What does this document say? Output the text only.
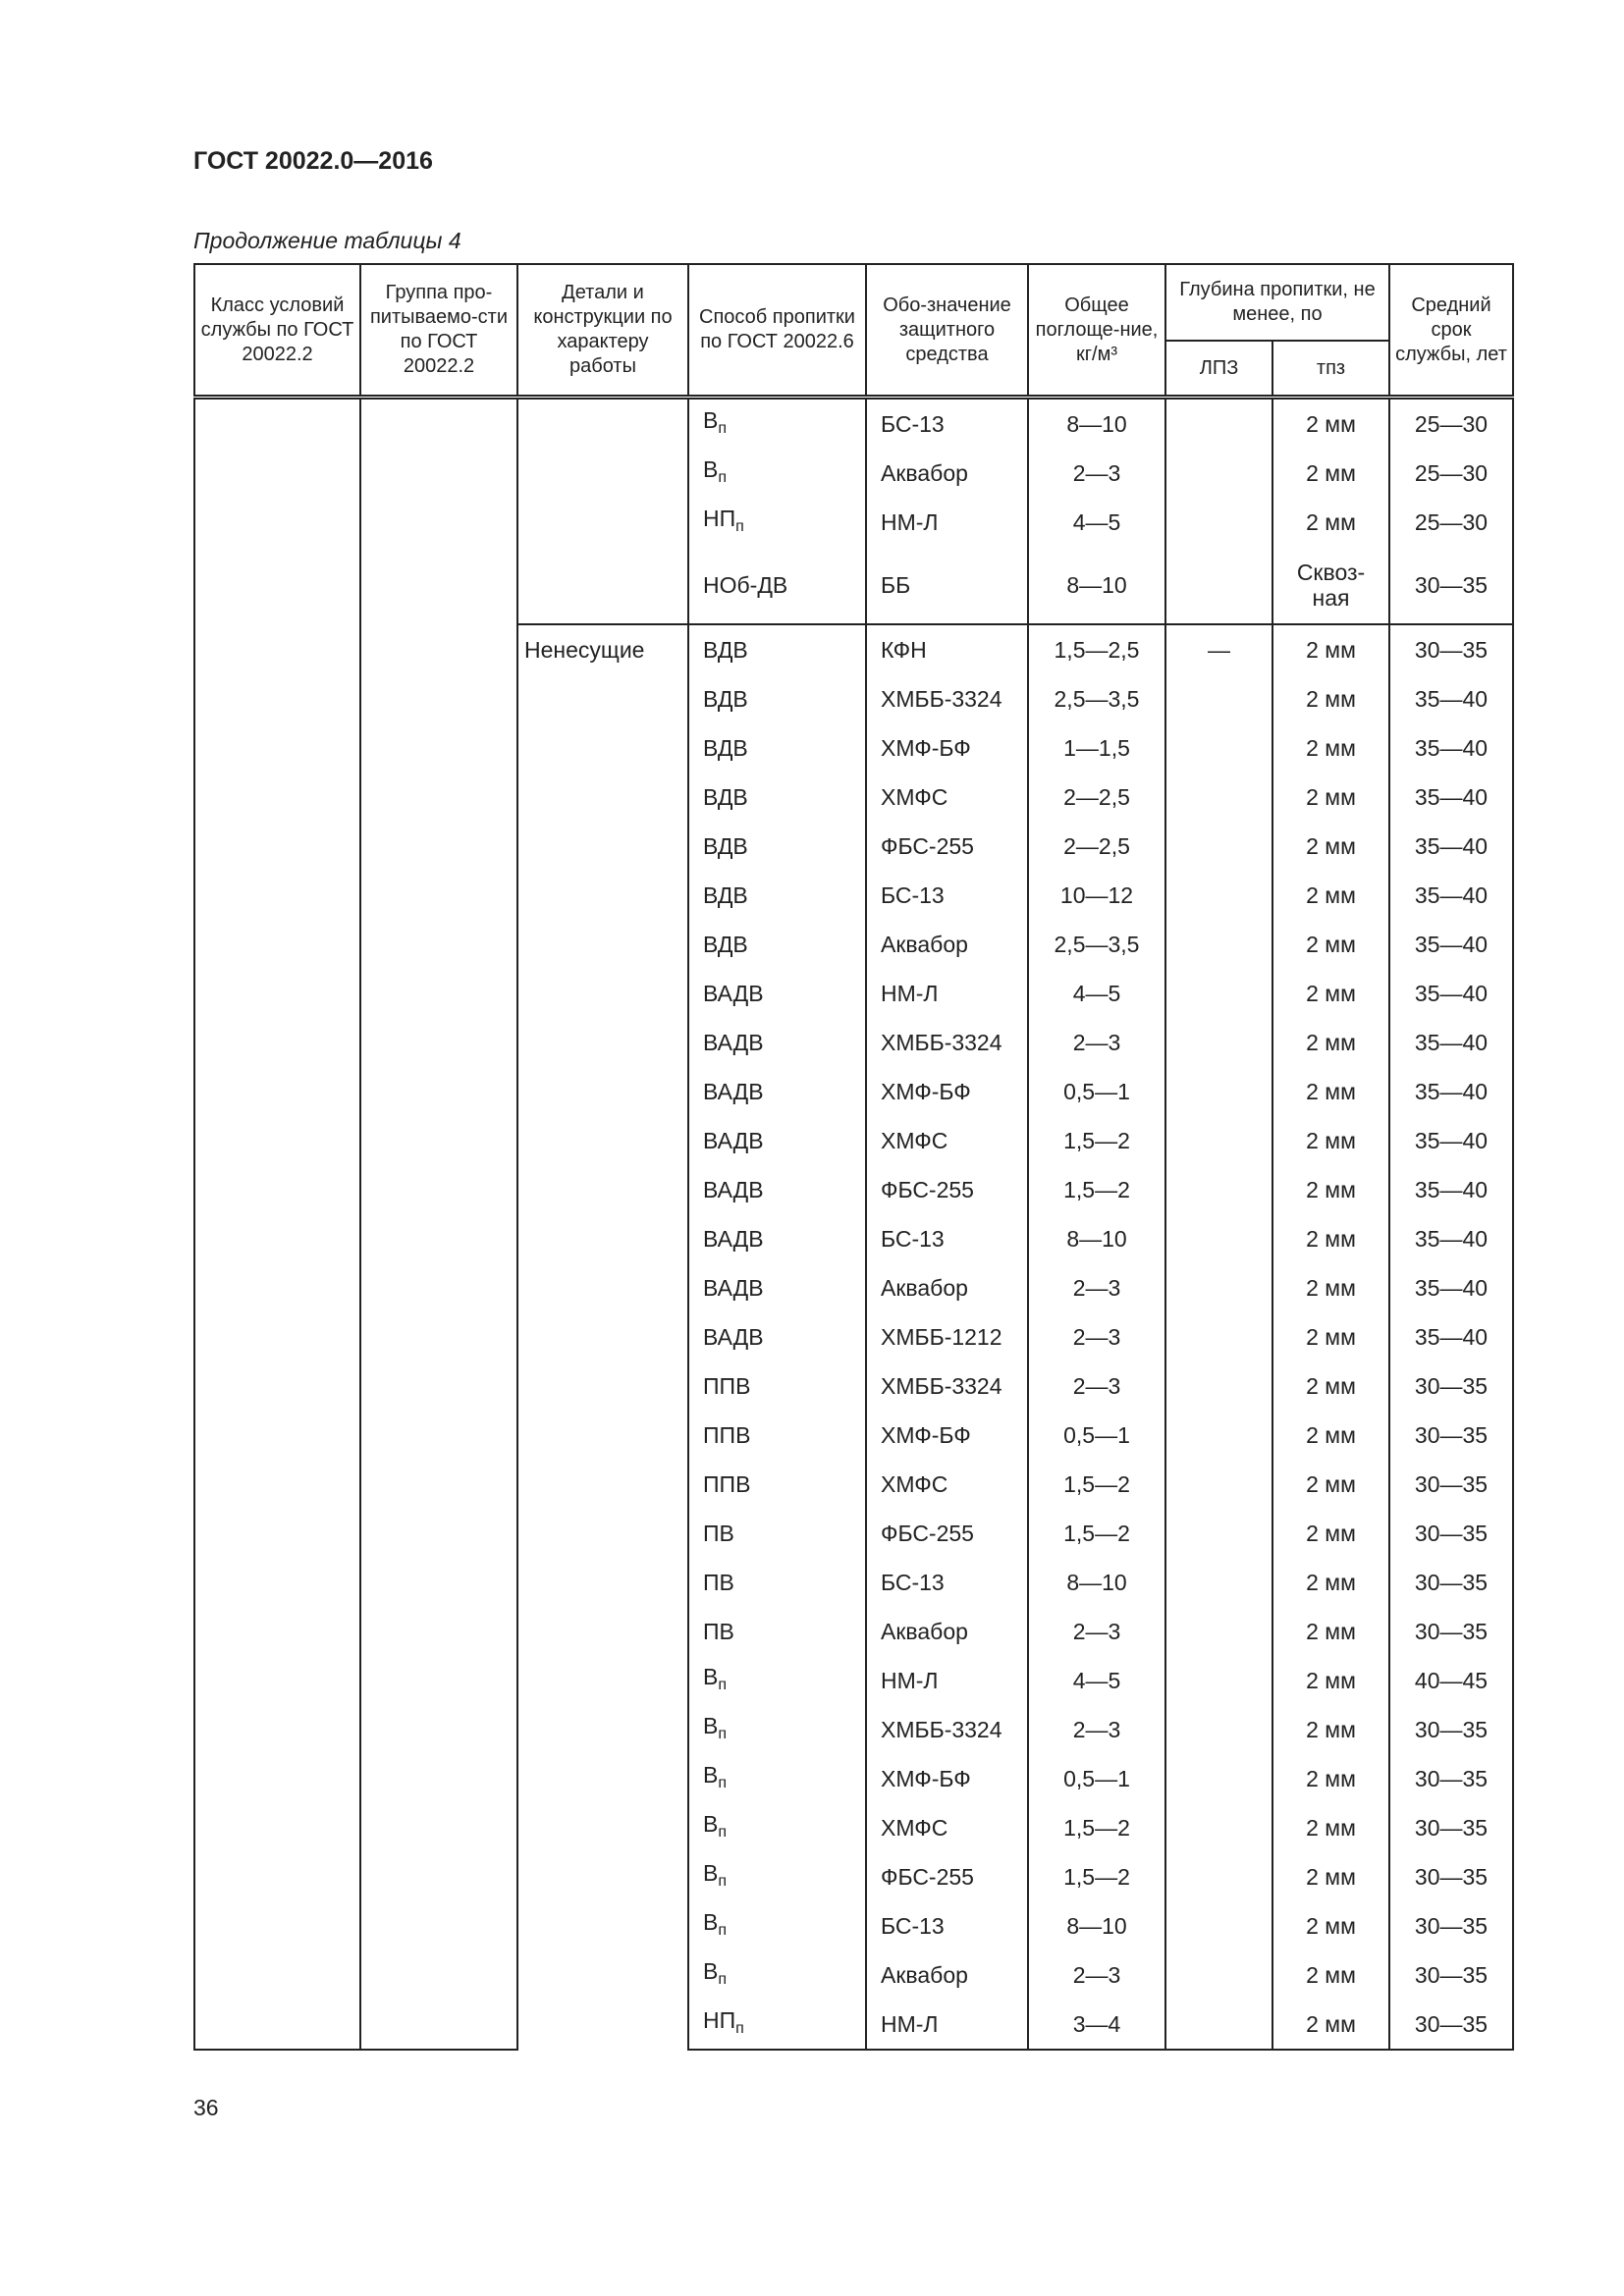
ГОСТ 20022.0—2016
Продолжение таблицы 4
Класс условий службы по ГОСТ 20022.2	Группа про-питываемо-сти по ГОСТ 20022.2	Детали и конструкции по характеру работы	Способ пропитки по ГОСТ 20022.6	Обо-значение защитного средства	Общее поглоще-ние, кг/м³	Глубина пропитки, не менее, по		Средний срок службы, лет
						ЛПЗ	тпз	
			$В_п$	БС-13	8—10		2 мм	25—30
			$В_п$	Аквабор	2—3		2 мм	25—30
			$НП_п$	НМ-Л	4—5		2 мм	25—30
			НОб-ДВ	ББ	8—10		Сквоз-ная	30—35
		Ненесущие	ВДВ	КФН	1,5—2,5	—	2 мм	30—35
			ВДВ	ХМББ-3324	2,5—3,5		2 мм	35—40
			ВДВ	ХМФ-БФ	1—1,5		2 мм	35—40
			ВДВ	ХМФС	2—2,5		2 мм	35—40
			ВДВ	ФБС-255	2—2,5		2 мм	35—40
			ВДВ	БС-13	10—12		2 мм	35—40
			ВДВ	Аквабор	2,5—3,5		2 мм	35—40
			ВАДВ	НМ-Л	4—5		2 мм	35—40
			ВАДВ	ХМББ-3324	2—3		2 мм	35—40
			ВАДВ	ХМФ-БФ	0,5—1		2 мм	35—40
			ВАДВ	ХМФС	1,5—2		2 мм	35—40
			ВАДВ	ФБС-255	1,5—2		2 мм	35—40
			ВАДВ	БС-13	8—10		2 мм	35—40
			ВАДВ	Аквабор	2—3		2 мм	35—40
			ВАДВ	ХМББ-1212	2—3		2 мм	35—40
			ППВ	ХМББ-3324	2—3		2 мм	30—35
			ППВ	ХМФ-БФ	0,5—1		2 мм	30—35
			ППВ	ХМФС	1,5—2		2 мм	30—35
			ПВ	ФБС-255	1,5—2		2 мм	30—35
			ПВ	БС-13	8—10		2 мм	30—35
			ПВ	Аквабор	2—3		2 мм	30—35
			$В_п$	НМ-Л	4—5		2 мм	40—45
			$В_п$	ХМББ-3324	2—3		2 мм	30—35
			$В_п$	ХМФ-БФ	0,5—1		2 мм	30—35
			$В_п$	ХМФС	1,5—2		2 мм	30—35
			$В_п$	ФБС-255	1,5—2		2 мм	30—35
			$В_п$	БС-13	8—10		2 мм	30—35
			$В_п$	Аквабор	2—3		2 мм	30—35
			$НП_п$	НМ-Л	3—4		2 мм	30—35
36
